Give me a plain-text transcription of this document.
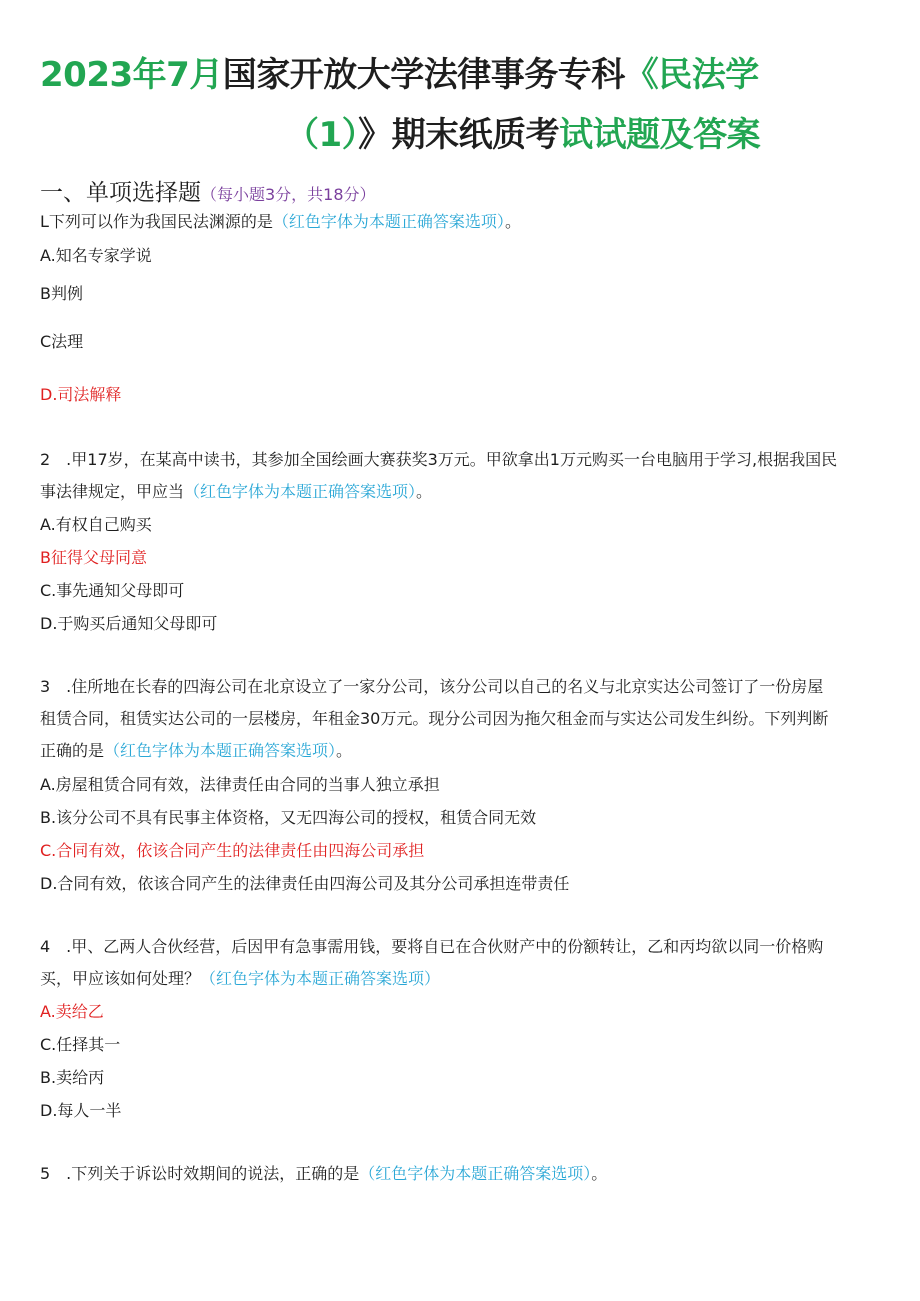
2023年7月国家开放大学法律事务专科《民法学
（1）》期末纸质考试试题及答案
一、单项选择题（每小题3分，共18分）
L下列可以作为我国民法渊源的是（红色字体为本题正确答案选项）。
A.知名专家学说
B判例
C法理
D.司法解释
2　.甲17岁，在某高中读书，其参加全国绘画大赛获奖3万元。甲欲拿出1万元购买一台电脑用于学习,根据我国民
事法律规定，甲应当（红色字体为本题正确答案选项）。
A.有权自己购买
B征得父母同意
C.事先通知父母即可
D.于购买后通知父母即可
3　.住所地在长春的四海公司在北京设立了一家分公司，该分公司以自己的名义与北京实达公司签订了一份房屋
租赁合同，租赁实达公司的一层楼房，年租金30万元。现分公司因为拖欠租金而与实达公司发生纠纷。下列判断
正确的是（红色字体为本题正确答案选项）。
A.房屋租赁合同有效，法律责任由合同的当事人独立承担
B.该分公司不具有民事主体资格，又无四海公司的授权，租赁合同无效
C.合同有效，依该合同产生的法律责任由四海公司承担
D.合同有效，依该合同产生的法律责任由四海公司及其分公司承担连带责任
4　.甲、乙两人合伙经营，后因甲有急事需用钱，要将自已在合伙财产中的份额转让，乙和丙均欲以同一价格购
买，甲应该如何处理？（红色字体为本题正确答案选项）
A.卖给乙
C.任择其一
B.卖给丙
D.每人一半
5　.下列关于诉讼时效期间的说法，正确的是（红色字体为本题正确答案选项）。
